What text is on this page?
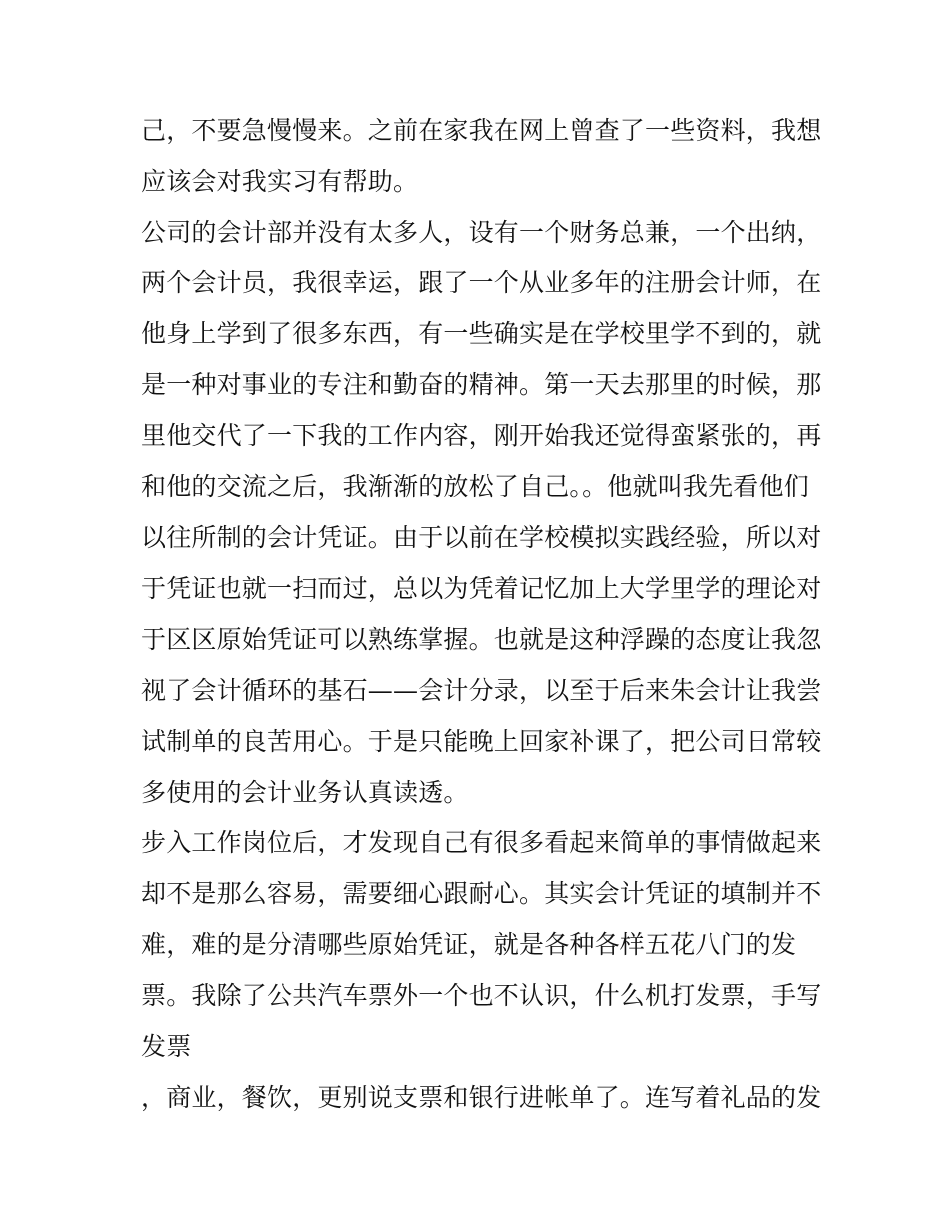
己，不要急慢慢来。之前在家我在网上曾查了一些资料，我想
应该会对我实习有帮助。
公司的会计部并没有太多人，设有一个财务总兼，一个出纳，
两个会计员，我很幸运，跟了一个从业多年的注册会计师，在
他身上学到了很多东西，有一些确实是在学校里学不到的，就
是一种对事业的专注和勤奋的精神。第一天去那里的时候，那
里他交代了一下我的工作内容，刚开始我还觉得蛮紧张的，再
和他的交流之后，我渐渐的放松了自己。。他就叫我先看他们
以往所制的会计凭证。由于以前在学校模拟实践经验，所以对
于凭证也就一扫而过，总以为凭着记忆加上大学里学的理论对
于区区原始凭证可以熟练掌握。也就是这种浮躁的态度让我忽
视了会计循环的基石——会计分录，以至于后来朱会计让我尝
试制单的良苦用心。于是只能晚上回家补课了，把公司日常较
多使用的会计业务认真读透。
步入工作岗位后，才发现自己有很多看起来简单的事情做起来
却不是那么容易，需要细心跟耐心。其实会计凭证的填制并不
难，难的是分清哪些原始凭证，就是各种各样五花八门的发
票。我除了公共汽车票外一个也不认识，什么机打发票，手写
发票
，商业，餐饮，更别说支票和银行进帐单了。连写着礼品的发
